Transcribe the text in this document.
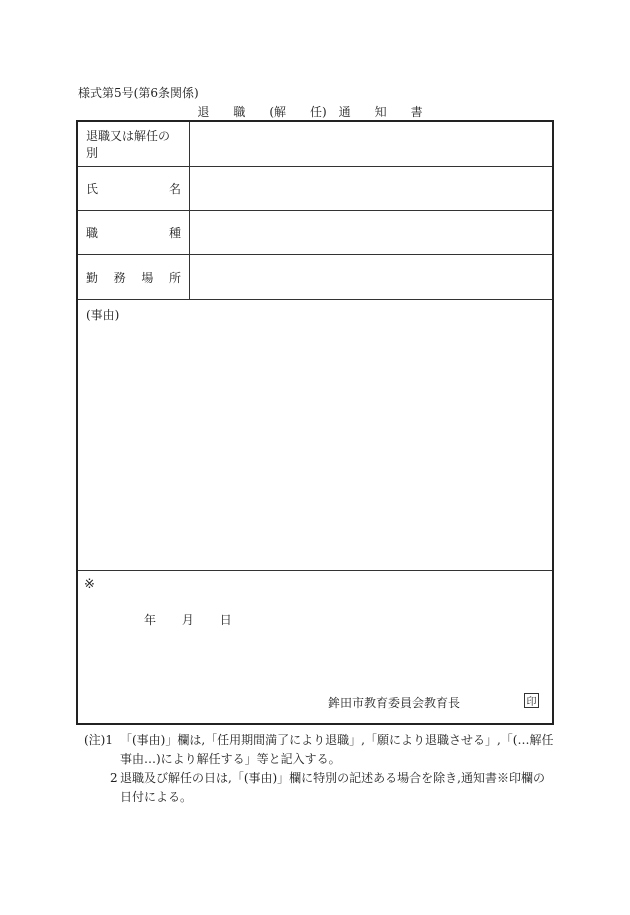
様式第5号(第6条関係)
退　　職　　(解　　任)　通　　知　　書
退職又は解任の別
氏	名
職	種
勤 務 場 所
(事由)
※
年 月 日
鉾田市教育委員会教育長	印
(注)1 「(事由)」欄は,「任用期間満了により退職」,「願により退職させる」,「(…解任事由…)により解任する」等と記入する。
2 退職及び解任の日は,「(事由)」欄に特別の記述ある場合を除き,通知書※印欄の日付による。
